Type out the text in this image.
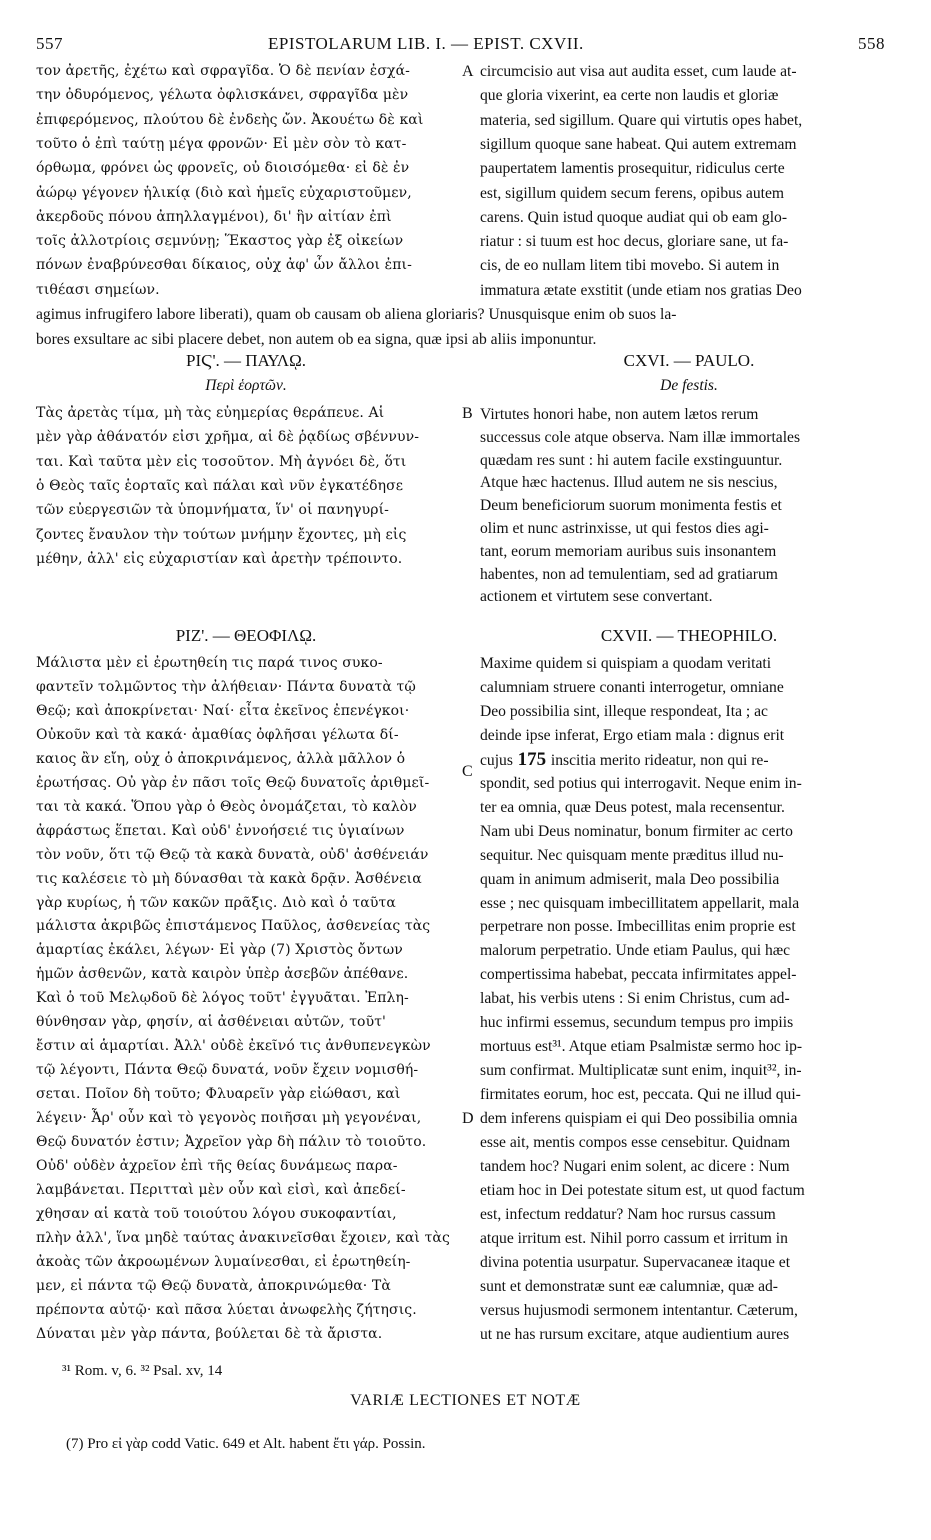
557	EPISTOLARUM LIB. I. — EPIST. CXVII.	558
A
B
C
D
τον ἀρετῆς, ἐχέτω καὶ σφραγῖδα. Ὁ δὲ πενίαν ἐσχά-
την ὀδυρόμενος, γέλωτα ὀφλισκάνει, σφραγῖδα μὲν
ἐπιφερόμενος, πλούτου δὲ ἐνδεὴς ὤν. Ἀκουέτω δὲ καὶ
τοῦτο ὁ ἐπὶ ταύτῃ μέγα φρονῶν· Εἰ μὲν σὸν τὸ κατ-
όρθωμα, φρόνει ὡς φρονεῖς, οὐ διοισόμεθα· εἰ δὲ ἐν
ἀώρῳ γέγονεν ἡλικίᾳ (διὸ καὶ ἡμεῖς εὐχαριστοῦμεν,
ἀκερδοῦς πόνου ἀπηλλαγμένοι), δι' ἣν αἰτίαν ἐπὶ
τοῖς ἀλλοτρίοις σεμνύνῃ; Ἕκαστος γὰρ ἐξ οἰκείων
πόνων ἐναβρύνεσθαι δίκαιος, οὐχ ἀφ' ὧν ἄλλοι ἐπι-
τιθέασι σημείων.
circumcisio aut visa aut audita esset, cum laude at-
que gloria vixerint, ea certe non laudis et gloriæ
materia, sed sigillum. Quare qui virtutis opes habet,
sigillum quoque sane habeat. Qui autem extremam
paupertatem lamentis prosequitur, ridiculus certe
est, sigillum quidem secum ferens, opibus autem
carens. Quin istud quoque audiat qui ob eam glo-
riatur : si tuum est hoc decus, gloriare sane, ut fa-
cis, de eo nullam litem tibi movebo. Si autem in
immatura ætate exstitit (unde etiam nos gratias Deo
agimus infrugifero labore liberati), quam ob causam ob aliena gloriaris? Unusquisque enim ob suos la-
bores exsultare ac sibi placere debet, non autem ob ea signa, quæ ipsi ab aliis imponuntur.
ΡΙϚ'. — ΠΑΥΛῼ.
Περὶ ἑορτῶν.
CXVI. — PAULO.
De festis.
Τὰς ἀρετὰς τίμα, μὴ τὰς εὐημερίας θεράπευε. Αἱ
μὲν γὰρ ἀθάνατόν εἰσι χρῆμα, αἱ δὲ ῥᾳδίως σβέννυν-
ται. Καὶ ταῦτα μὲν εἰς τοσοῦτον. Μὴ ἀγνόει δὲ, ὅτι
ὁ Θεὸς ταῖς ἑορταῖς καὶ πάλαι καὶ νῦν ἐγκατέδησε
τῶν εὐεργεσιῶν τὰ ὑπομνήματα, ἵν' οἱ πανηγυρί-
ζοντες ἔναυλον τὴν τούτων μνήμην ἔχοντες, μὴ εἰς
μέθην, ἀλλ' εἰς εὐχαριστίαν καὶ ἀρετὴν τρέποιντο.
Virtutes honori habe, non autem lætos rerum
successus cole atque observa. Nam illæ immortales
quædam res sunt : hi autem facile exstinguuntur.
Atque hæc hactenus. Illud autem ne sis nescius,
Deum beneficiorum suorum monimenta festis et
olim et nunc astrinxisse, ut qui festos dies agi-
tant, eorum memoriam auribus suis insonantem
habentes, non ad temulentiam, sed ad gratiarum
actionem et virtutem sese convertant.
ΡΙΖ'. — ΘΕΟΦΙΛῼ.	CXVII. — THEOPHILO.
Μάλιστα μὲν εἰ ἐρωτηθείη τις παρά τινος συκο-
φαντεῖν τολμῶντος τὴν ἀλήθειαν· Πάντα δυνατὰ τῷ
Θεῷ; καὶ ἀποκρίνεται· Ναί· εἶτα ἐκεῖνος ἐπενέγκοι·
Οὐκοῦν καὶ τὰ κακά· ἀμαθίας ὀφλῆσαι γέλωτα δί-
καιος ἂν εἴη, οὐχ ὁ ἀποκρινάμενος, ἀλλὰ μᾶλλον ὁ
ἐρωτήσας. Οὐ γὰρ ἐν πᾶσι τοῖς Θεῷ δυνατοῖς ἀριθμεῖ-
ται τὰ κακά. Ὅπου γὰρ ὁ Θεὸς ὀνομάζεται, τὸ καλὸν
ἀφράστως ἕπεται. Καὶ οὐδ' ἐννοήσειέ τις ὑγιαίνων
τὸν νοῦν, ὅτι τῷ Θεῷ τὰ κακὰ δυνατὰ, οὐδ' ἀσθένειάν
τις καλέσειε τὸ μὴ δύνασθαι τὰ κακὰ δρᾷν. Ἀσθένεια
γὰρ κυρίως, ἡ τῶν κακῶν πρᾶξις. Διὸ καὶ ὁ ταῦτα
μάλιστα ἀκριβῶς ἐπιστάμενος Παῦλος, ἀσθενείας τὰς
ἁμαρτίας ἐκάλει, λέγων· Εἰ γὰρ (7) Χριστὸς ὄντων
ἡμῶν ἀσθενῶν, κατὰ καιρὸν ὑπὲρ ἀσεβῶν ἀπέθανε.
Καὶ ὁ τοῦ Μελῳδοῦ δὲ λόγος τοῦτ' ἐγγυᾶται. Ἐπλη-
θύνθησαν γὰρ, φησίν, αἱ ἀσθένειαι αὐτῶν, τοῦτ'
ἔστιν αἱ ἁμαρτίαι. Ἀλλ' οὐδὲ ἐκεῖνό τις ἀνθυπενεγκὼν
τῷ λέγοντι, Πάντα Θεῷ δυνατά, νοῦν ἔχειν νομισθή-
σεται. Ποῖον δὴ τοῦτο; Φλυαρεῖν γὰρ εἰώθασι, καὶ
λέγειν· Ἆρ' οὖν καὶ τὸ γεγονὸς ποιῆσαι μὴ γεγονέναι,
Θεῷ δυνατόν ἐστιν; Ἀχρεῖον γὰρ δὴ πάλιν τὸ τοιοῦτο.
Οὐδ' οὐδὲν ἀχρεῖον ἐπὶ τῆς θείας δυνάμεως παρα-
λαμβάνεται. Περιτταὶ μὲν οὖν καὶ εἰσὶ, καὶ ἀπεδεί-
χθησαν αἱ κατὰ τοῦ τοιούτου λόγου συκοφαντίαι,
πλὴν ἀλλ', ἵνα μηδὲ ταύτας ἀνακινεῖσθαι ἔχοιεν, καὶ τὰς
ἀκοὰς τῶν ἀκροωμένων λυμαίνεσθαι, εἰ ἐρωτηθείη-
μεν, εἰ πάντα τῷ Θεῷ δυνατὰ, ἀποκρινώμεθα· Τὰ
πρέποντα αὐτῷ· καὶ πᾶσα λύεται ἀνωφελὴς ζήτησις.
Δύναται μὲν γὰρ πάντα, βούλεται δὲ τὰ ἄριστα.
Maxime quidem si quispiam a quodam veritati
calumniam struere conanti interrogetur, omniane
Deo possibilia sint, illeque respondeat, Ita ; ac
deinde ipse inferat, Ergo etiam mala : dignus erit
cujus 175 inscitia merito rideatur, non qui re-
spondit, sed potius qui interrogavit. Neque enim in-
ter ea omnia, quæ Deus potest, mala recensentur.
Nam ubi Deus nominatur, bonum firmiter ac certo
sequitur. Nec quisquam mente præditus illud nu-
quam in animum admiserit, mala Deo possibilia
esse ; nec quisquam imbecillitatem appellarit, mala
perpetrare non posse. Imbecillitas enim proprie est
malorum perpetratio. Unde etiam Paulus, qui hæc
compertissima habebat, peccata infirmitates appel-
labat, his verbis utens : Si enim Christus, cum ad-
huc infirmi essemus, secundum tempus pro impiis
mortuus est³¹. Atque etiam Psalmistæ sermo hoc ip-
sum confirmat. Multiplicatæ sunt enim, inquit³², in-
firmitates eorum, hoc est, peccata. Qui ne illud qui-
dem inferens quispiam ei qui Deo possibilia omnia
esse ait, mentis compos esse censebitur. Quidnam
tandem hoc? Nugari enim solent, ac dicere : Num
etiam hoc in Dei potestate situm est, ut quod factum
est, infectum reddatur? Nam hoc rursus cassum
atque irritum est. Nihil porro cassum et irritum in
divina potentia usurpatur. Supervacaneæ itaque et
sunt et demonstratæ sunt eæ calumniæ, quæ ad-
versus hujusmodi sermonem intentantur. Cæterum,
ut ne has rursum excitare, atque audientium aures
³¹ Rom. v, 6. ³² Psal. xv, 14
VARIÆ LECTIONES ET NOTÆ
(7) Pro εἰ γὰρ codd Vatic. 649 et Alt. habent ἔτι γάρ. Possin.
